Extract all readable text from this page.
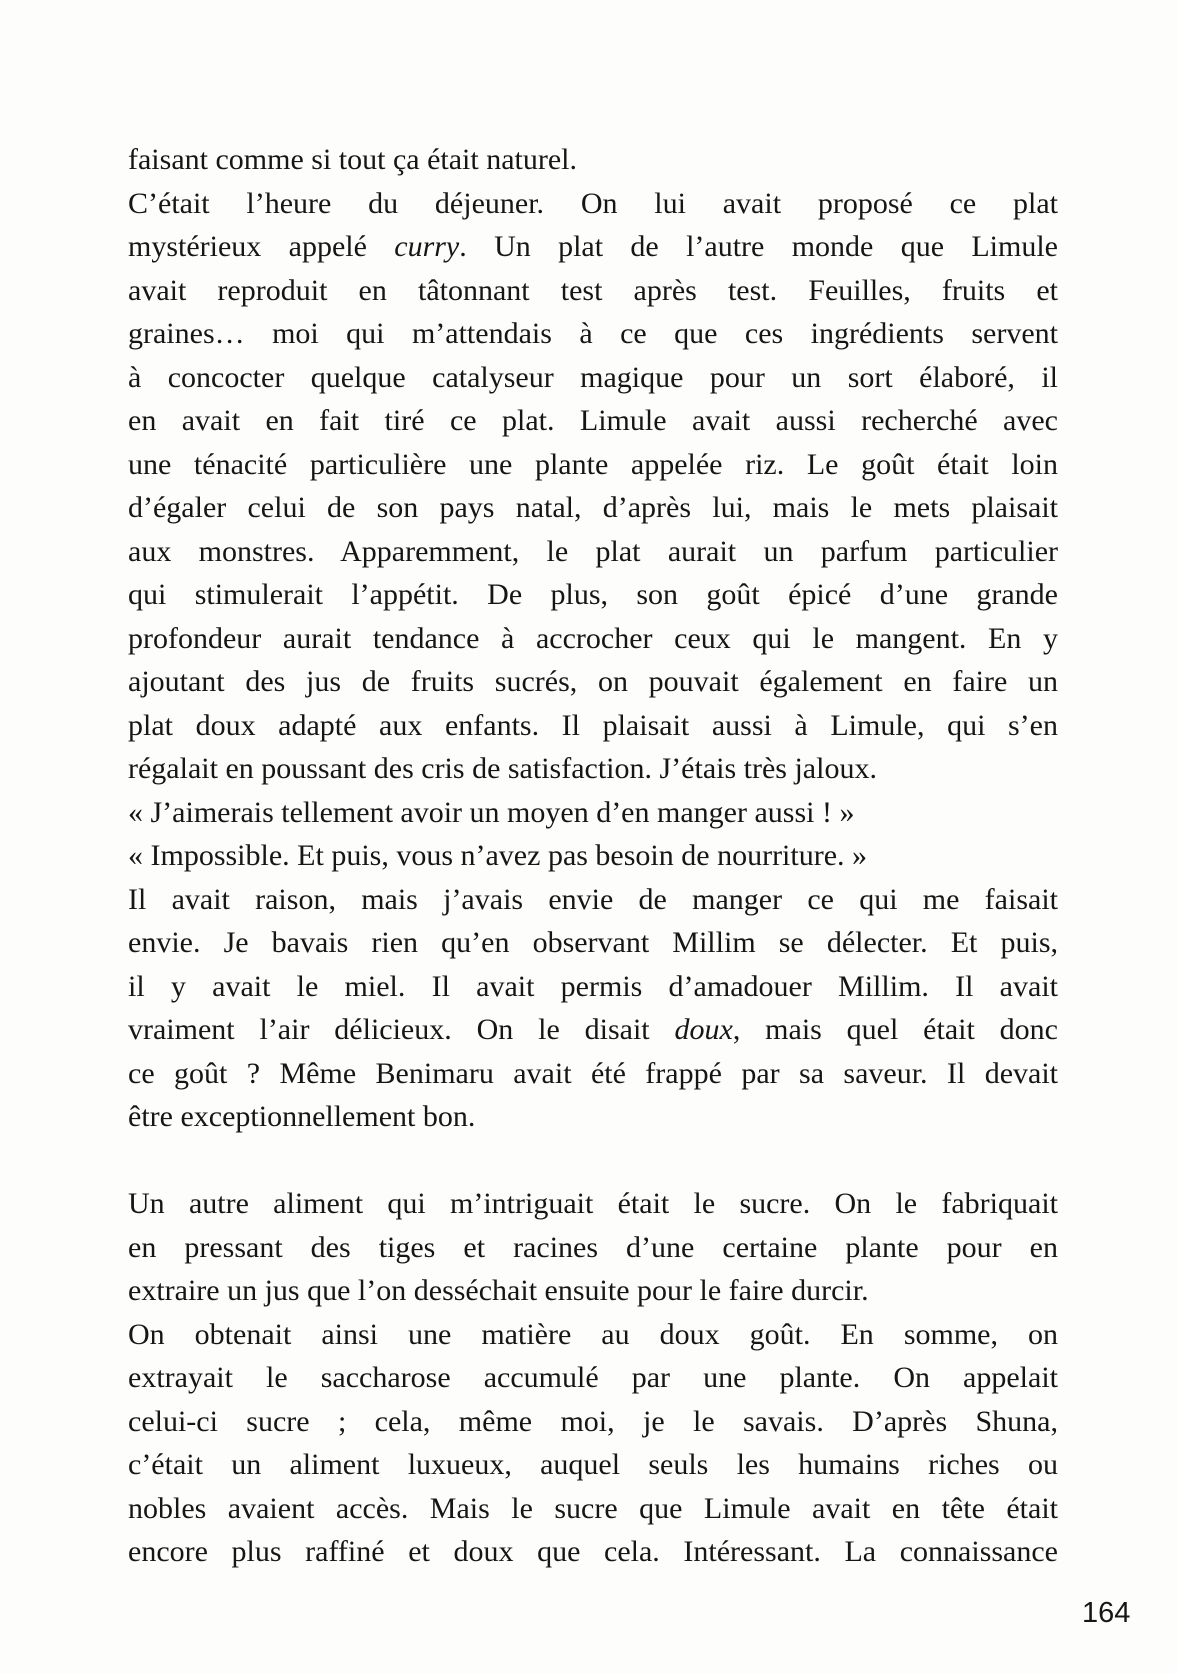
faisant comme si tout ça était naturel.
C’était l’heure du déjeuner. On lui avait proposé ce plat
mystérieux appelé curry. Un plat de l’autre monde que Limule
avait reproduit en tâtonnant test après test. Feuilles, fruits et
graines… moi qui m’attendais à ce que ces ingrédients servent
à concocter quelque catalyseur magique pour un sort élaboré, il
en avait en fait tiré ce plat. Limule avait aussi recherché avec
une ténacité particulière une plante appelée riz. Le goût était loin
d’égaler celui de son pays natal, d’après lui, mais le mets plaisait
aux monstres. Apparemment, le plat aurait un parfum particulier
qui stimulerait l’appétit. De plus, son goût épicé d’une grande
profondeur aurait tendance à accrocher ceux qui le mangent. En y
ajoutant des jus de fruits sucrés, on pouvait également en faire un
plat doux adapté aux enfants. Il plaisait aussi à Limule, qui s’en
régalait en poussant des cris de satisfaction. J’étais très jaloux.
« J’aimerais tellement avoir un moyen d’en manger aussi ! »
« Impossible. Et puis, vous n’avez pas besoin de nourriture. »
Il avait raison, mais j’avais envie de manger ce qui me faisait
envie. Je bavais rien qu’en observant Millim se délecter. Et puis,
il y avait le miel. Il avait permis d’amadouer Millim. Il avait
vraiment l’air délicieux. On le disait doux, mais quel était donc
ce goût ? Même Benimaru avait été frappé par sa saveur. Il devait
être exceptionnellement bon.
Un autre aliment qui m’intriguait était le sucre. On le fabriquait
en pressant des tiges et racines d’une certaine plante pour en
extraire un jus que l’on desséchait ensuite pour le faire durcir.
On obtenait ainsi une matière au doux goût. En somme, on
extrayait le saccharose accumulé par une plante. On appelait
celui-ci sucre ; cela, même moi, je le savais. D’après Shuna,
c’était un aliment luxueux, auquel seuls les humains riches ou
nobles avaient accès. Mais le sucre que Limule avait en tête était
encore plus raffiné et doux que cela. Intéressant. La connaissance
164
